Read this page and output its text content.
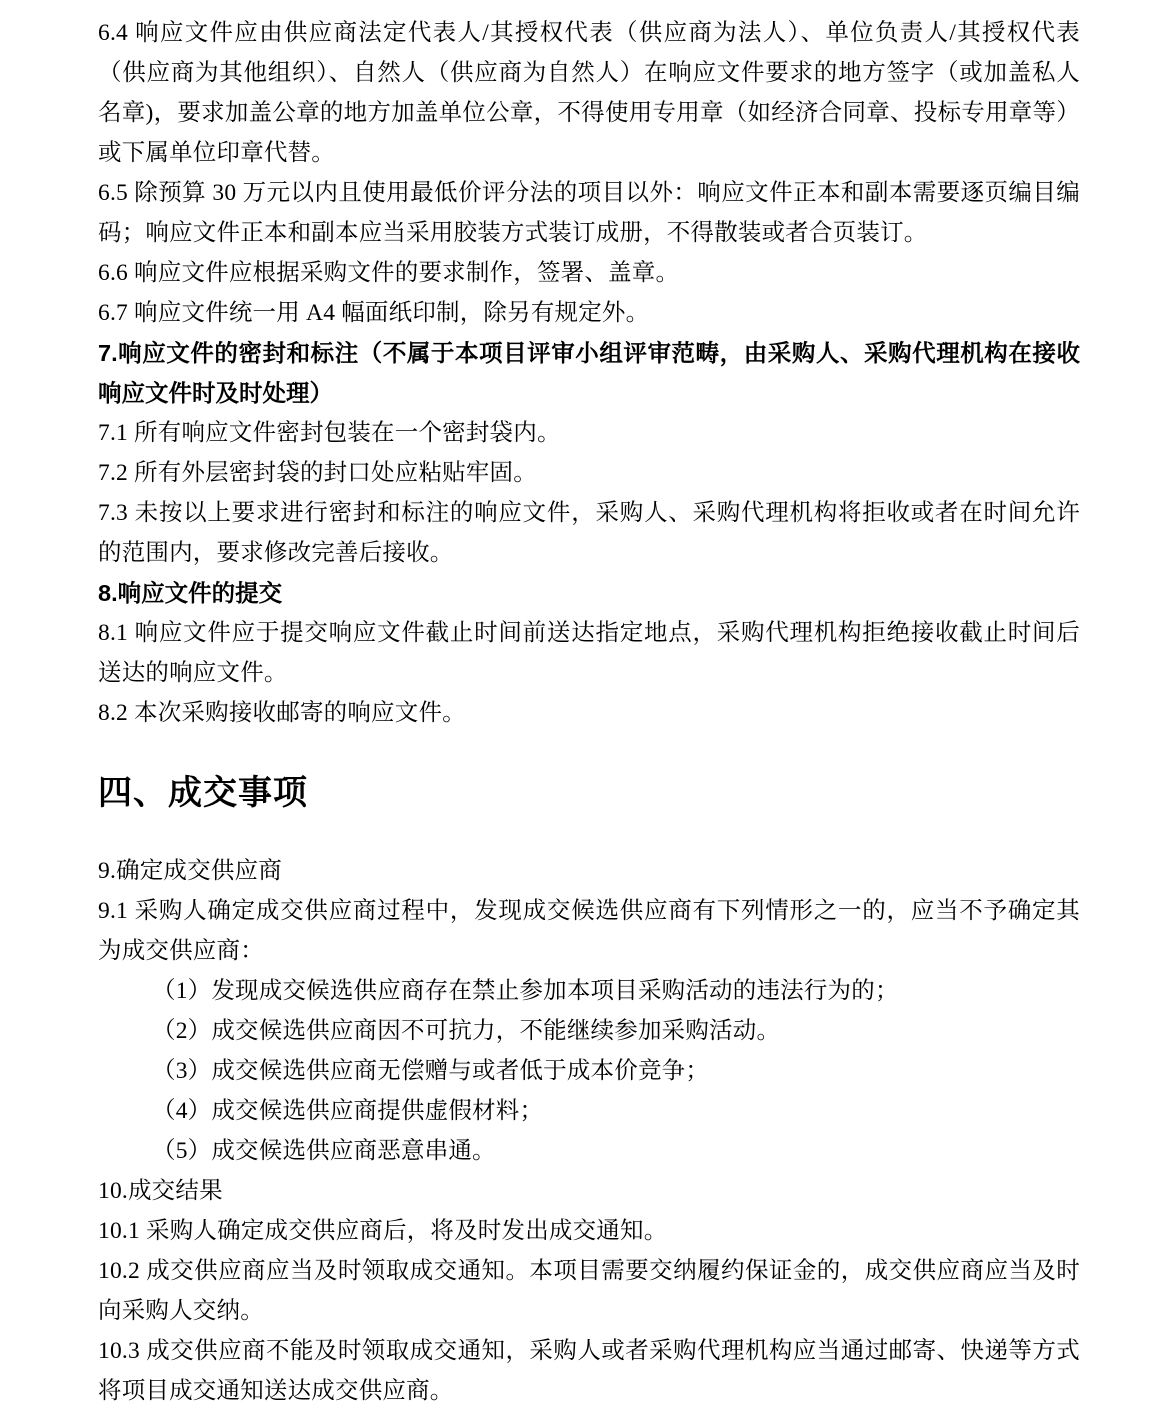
6.4 响应文件应由供应商法定代表人/其授权代表（供应商为法人）、单位负责人/其授权代表（供应商为其他组织）、自然人（供应商为自然人）在响应文件要求的地方签字（或加盖私人名章)，要求加盖公章的地方加盖单位公章，不得使用专用章（如经济合同章、投标专用章等）或下属单位印章代替。

6.5 除预算 30 万元以内且使用最低价评分法的项目以外：响应文件正本和副本需要逐页编目编码；响应文件正本和副本应当采用胶装方式装订成册，不得散装或者合页装订。

6.6 响应文件应根据采购文件的要求制作，签署、盖章。

6.7 响应文件统一用 A4 幅面纸印制，除另有规定外。

7.响应文件的密封和标注（不属于本项目评审小组评审范畴，由采购人、采购代理机构在接收响应文件时及时处理）

7.1 所有响应文件密封包装在一个密封袋内。

7.2 所有外层密封袋的封口处应粘贴牢固。

7.3 未按以上要求进行密封和标注的响应文件，采购人、采购代理机构将拒收或者在时间允许的范围内，要求修改完善后接收。

8.响应文件的提交

8.1 响应文件应于提交响应文件截止时间前送达指定地点，采购代理机构拒绝接收截止时间后送达的响应文件。

8.2 本次采购接收邮寄的响应文件。

四、成交事项

9.确定成交供应商

9.1 采购人确定成交供应商过程中，发现成交候选供应商有下列情形之一的，应当不予确定其为成交供应商：

（1）发现成交候选供应商存在禁止参加本项目采购活动的违法行为的；

（2）成交候选供应商因不可抗力，不能继续参加采购活动。

（3）成交候选供应商无偿赠与或者低于成本价竞争；

（4）成交候选供应商提供虚假材料；

（5）成交候选供应商恶意串通。

10.成交结果

10.1 采购人确定成交供应商后，将及时发出成交通知。

10.2 成交供应商应当及时领取成交通知。本项目需要交纳履约保证金的，成交供应商应当及时向采购人交纳。

10.3 成交供应商不能及时领取成交通知，采购人或者采购代理机构应当通过邮寄、快递等方式将项目成交通知送达成交供应商。
